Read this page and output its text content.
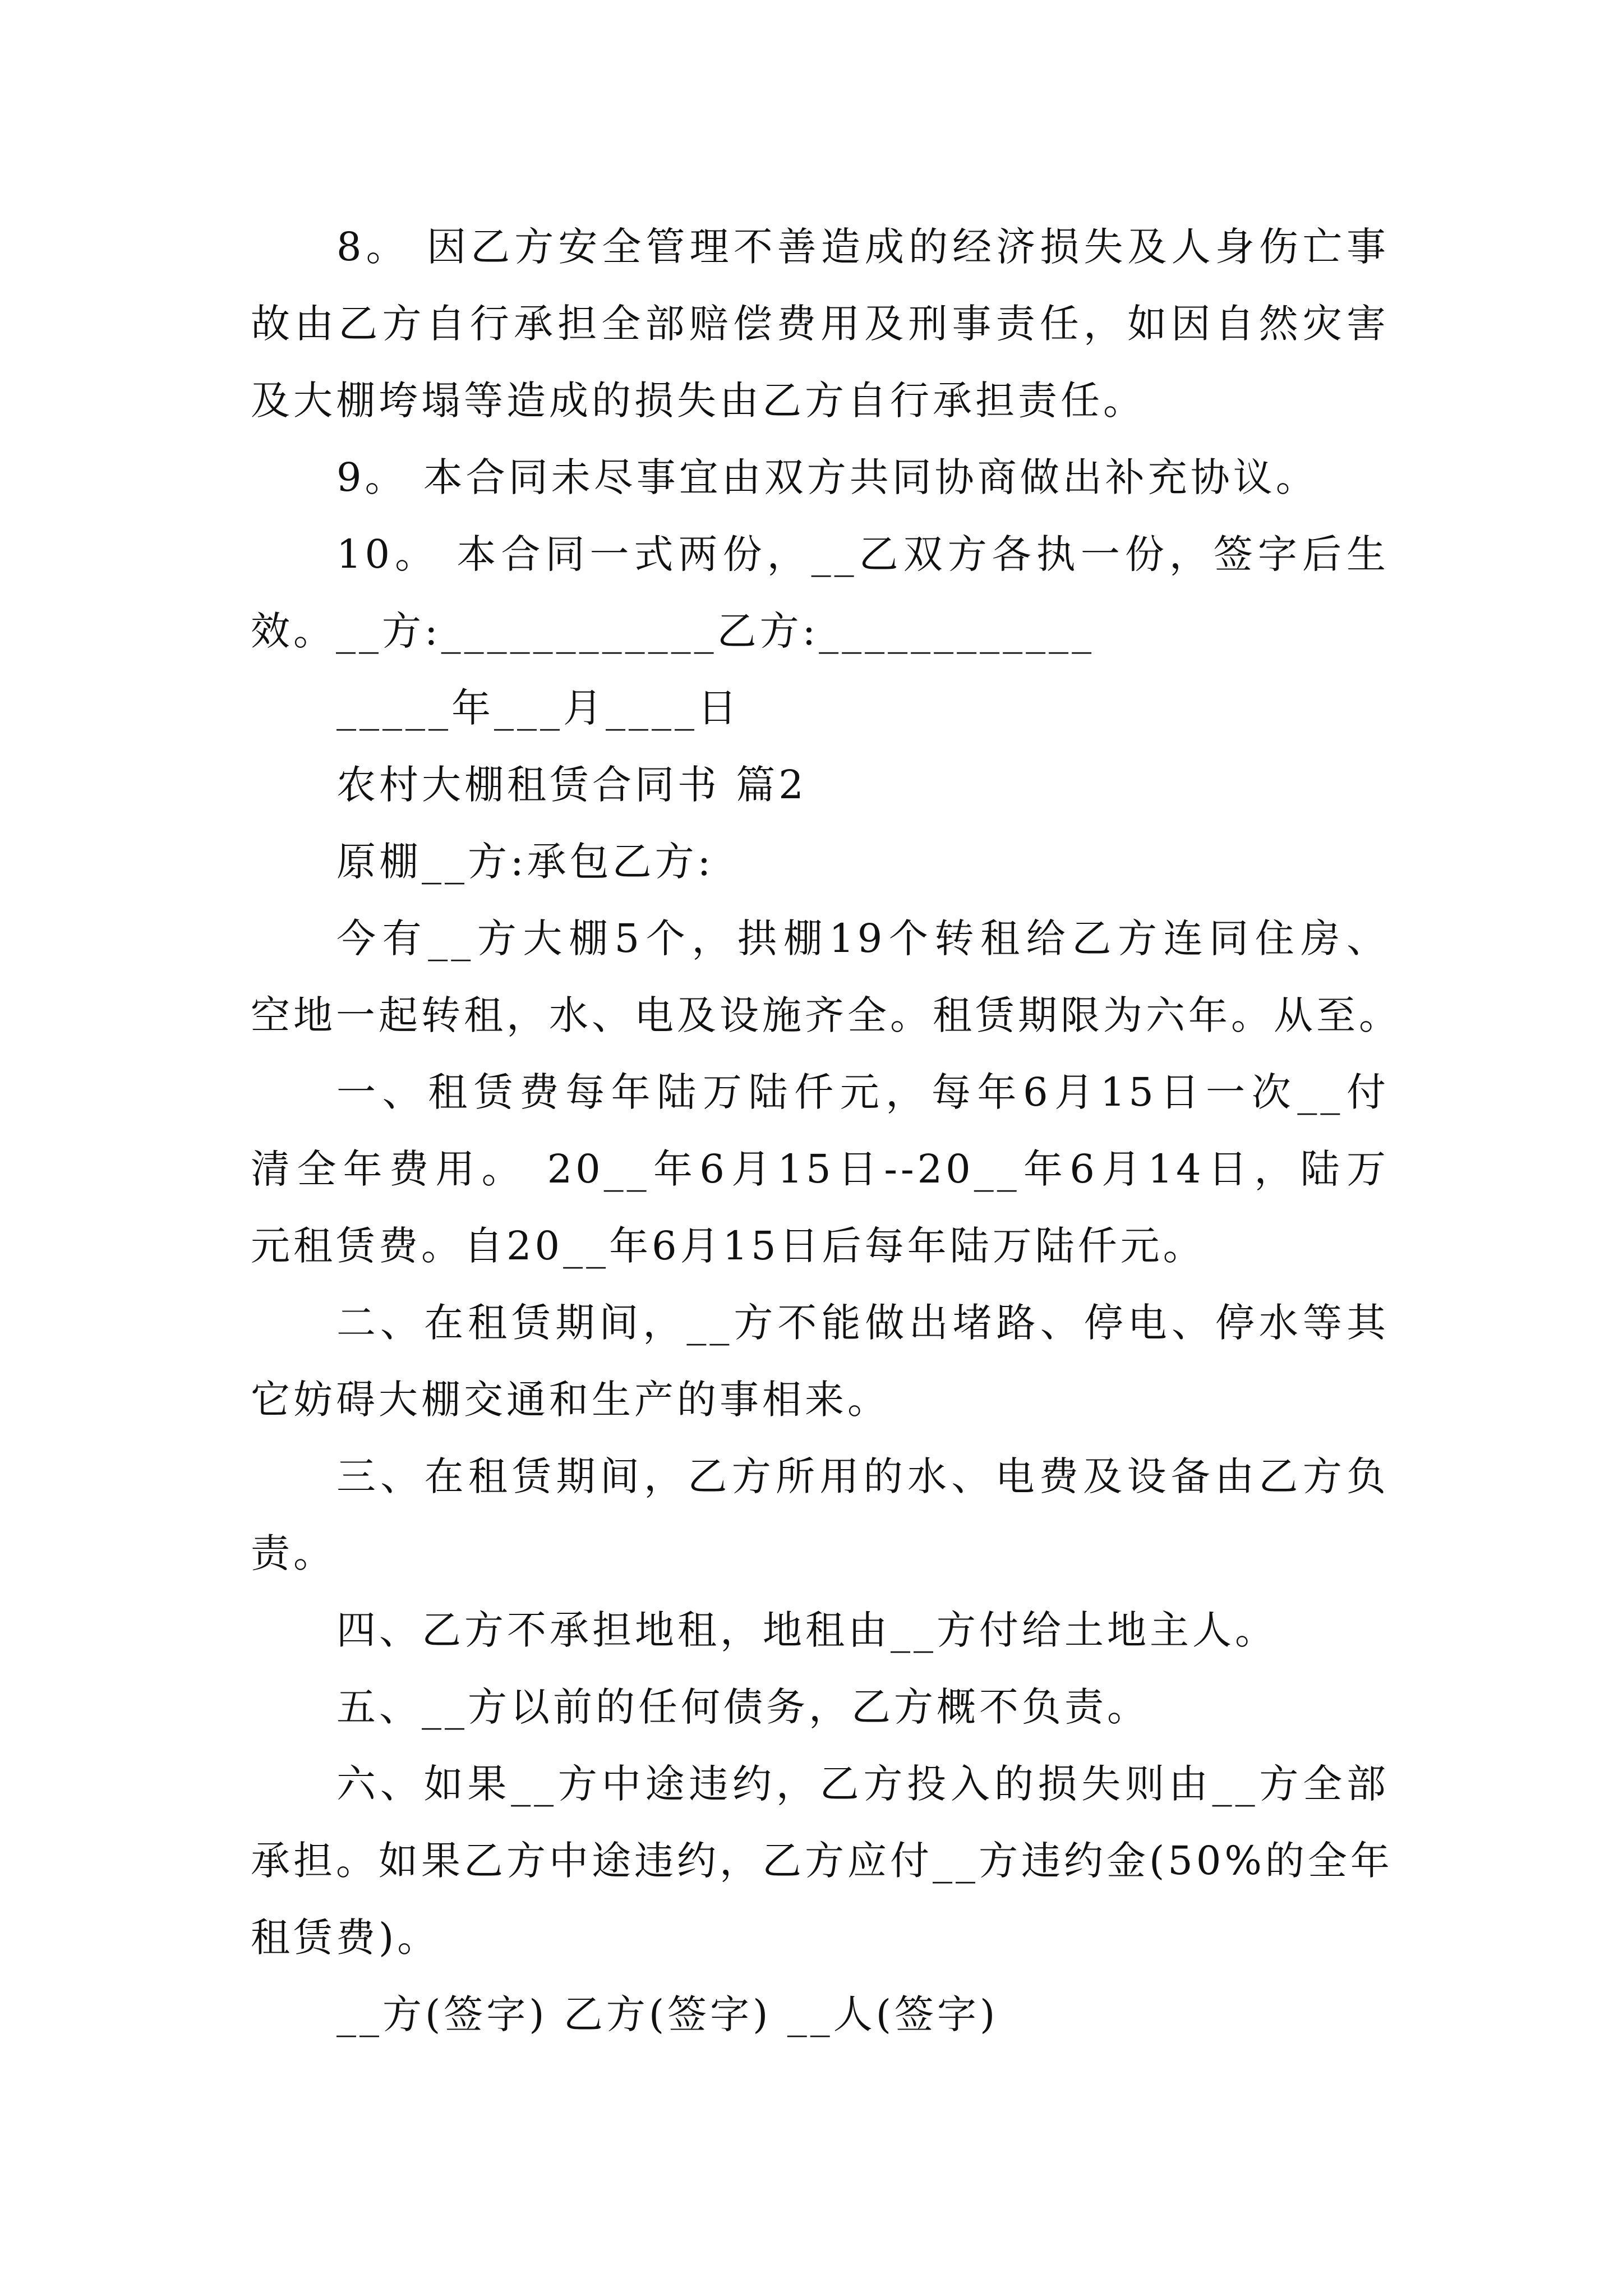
8。 因乙方安全管理不善造成的经济损失及人身伤亡事
故由乙方自行承担全部赔偿费用及刑事责任，如因自然灾害
及大棚垮塌等造成的损失由乙方自行承担责任。
9。 本合同未尽事宜由双方共同协商做出补充协议。
10。 本合同一式两份，__乙双方各执一份，签字后生
效。__方:____________乙方:____________
_____年___月____日
农村大棚租赁合同书 篇2
原棚__方:承包乙方:
今有__方大棚5个，拱棚19个转租给乙方连同住房、
空地一起转租，水、电及设施齐全。租赁期限为六年。从至。
一、租赁费每年陆万陆仟元，每年6月15日一次__付
清全年费用。 20__年6月15日--20__年6月14日，陆万
元租赁费。自20__年6月15日后每年陆万陆仟元。
二、在租赁期间，__方不能做出堵路、停电、停水等其
它妨碍大棚交通和生产的事相来。
三、在租赁期间，乙方所用的水、电费及设备由乙方负
责。
四、乙方不承担地租，地租由__方付给土地主人。
五、__方以前的任何债务，乙方概不负责。
六、如果__方中途违约，乙方投入的损失则由__方全部
承担。如果乙方中途违约，乙方应付__方违约金(50%的全年
租赁费)。
__方(签字) 乙方(签字) __人(签字)
